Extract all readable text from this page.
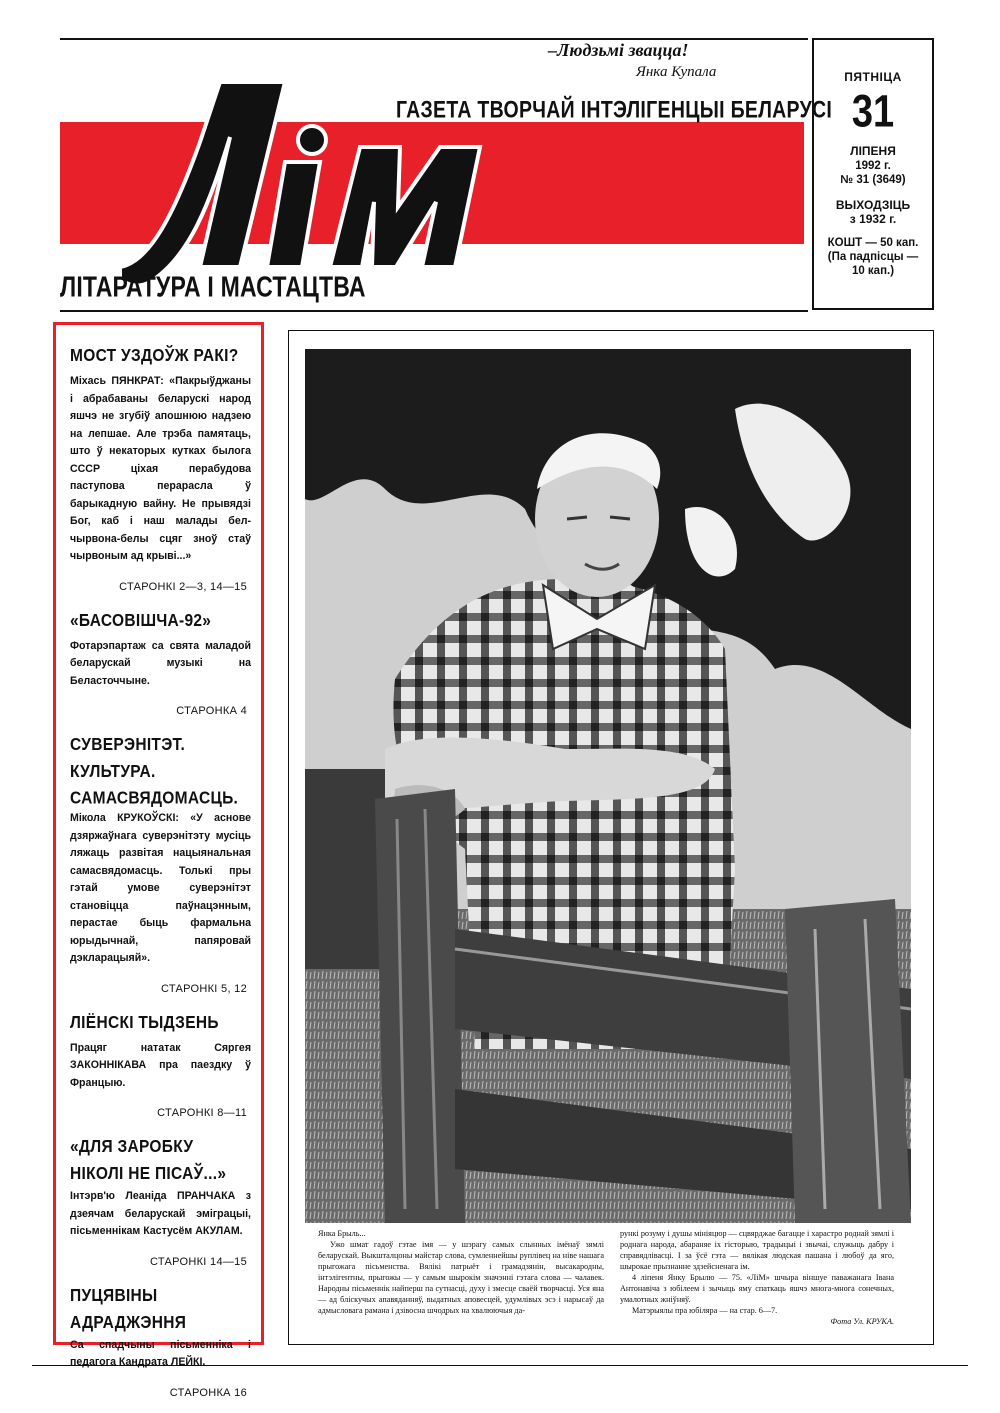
–Людзьмі звацца!
Янка Купала
ГАЗЕТА ТВОРЧАЙ ІНТЭЛІГЕНЦЫІ БЕЛАРУСІ
ЛІТАРАТУРА І МАСТАЦТВА
ПЯТНІЦА
31
ЛІПЕНЯ
1992 г.
№ 31 (3649)
ВЫХОДЗІЦЬ
з 1932 г.
КОШТ — 50 кап.
(Па падпісцы —
10 кап.)
МОСТ УЗДОЎЖ РАКІ?
Міхась ПЯНКРАТ: «Пакрыўджаны і абрабаваны беларускі народ яшчэ не згубіў апошнюю надзею на лепшае. Але трэба памятаць, што ў некаторых кутках былога СССР ціхая перабудова паступова перарасла ў барыкадную вайну. Не прывядзі Бог, каб і наш малады бел-чырвона-белы сцяг зноў стаў чырвоным ад крыві...»
СТАРОНКІ 2—3, 14—15
«БАСОВІШЧА-92»
Фотарэпартаж са свята маладой беларускай музыкі на Беласточчыне.
СТАРОНКА 4
СУВЕРЭНІТЭТ. КУЛЬТУРА. САМАСВЯДОМАСЦЬ.
Мікола КРУКОЎСКІ: «У аснове дзяржаўнага суверэнітэту мусіць ляжаць развітая нацыянальная самасвядомасць. Толькі пры гэтай умове суверэнітэт становіцца паўнацэнным, перастае быць фармальна юрыдычнай, папяровай дэкларацыяй».
СТАРОНКІ 5, 12
ЛІЁНСКІ ТЫДЗЕНЬ
Працяг нататак Сяргея ЗАКОННІКАВА пра паездку ў Францыю.
СТАРОНКІ 8—11
«ДЛЯ ЗАРОБКУ НІКОЛІ НЕ ПІСАЎ...»
Інтэрв'ю Леаніда ПРАНЧАКА з дзеячам беларускай эміграцыі, пісьменнікам Кастусём АКУЛАМ.
СТАРОНКІ 14—15
ПУЦЯВІНЫ АДРАДЖЭННЯ
Са спадчыны пісьменніка і педагога Кандрата ЛЕЙКІ.
СТАРОНКА 16

Янка Брыль...

Ужо шмат гадоў гэтае імя — у шэрагу самых слынных імёнаў зямлі беларускай. Выкшталцоны майстар слова, сумленнейшы руплівец на ніве нашага прыгожага пісьменства. Вялікі патрыёт і грамадзянін, высакародны, інтэлігентны, прыгожы — у самым шырокім значэнні гэтага слова — чалавек. Народны пісьменнік найперш па сутнасці, духу і змесце сваёй творчасці. Уся яна — ад бліскучых апавяданняў, выдатных аповесцей, удумлівых эсэ і нарысаў да адмысловага рамана і дзівосна шчодрых на хвалюючыя да-

рункі розуму і душы мініяцюр — сцвярджае багацце і харастро роднай зямлі і роднага народа, абараняе іх гісторыю, традыцыі і звычаі, служыць дабру і справядлівасці. І за ўсё гэта — вялікая людская пашана і любоў да яго, шырокае прызнанне здзейсненага ім.

4 ліпеня Янку Брылю — 75. «ЛіМ» шчыра віншуе паважанага Івана Антонавіча з юбілеем і зычыць яму спаткаць яшчэ многа-многа сонечных, умалотных жніўняў.

Матэрыялы пра юбіляра — на стар. 6—7.

Фота Ул. КРУКА.
